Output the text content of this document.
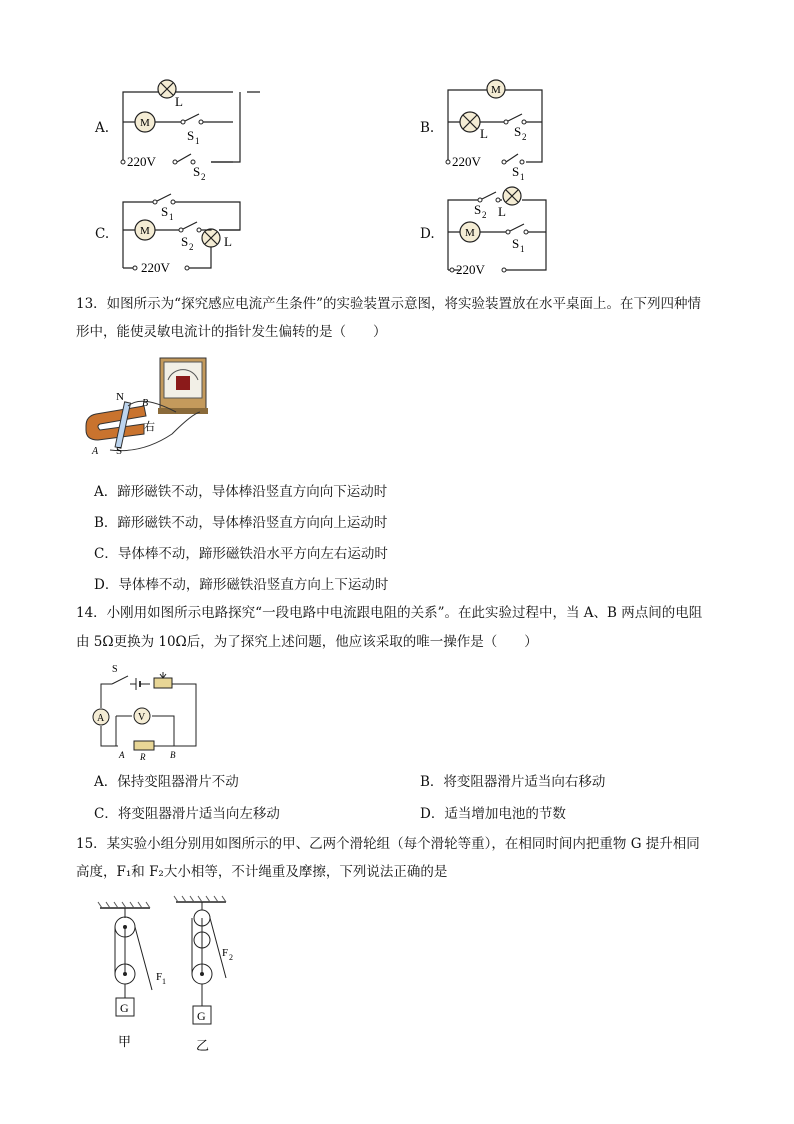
A.	M
L
S 1
220V
S 2
B.
M
L S 2
220V
S 1
C.	M
S 1
S 2 L
220V
D.	M
S 2 L
S 1
220V
13．如图所示为“探究感应电流产生条件”的实验装置示意图，将实验装置放在水平桌面上。在下列四种情
形中，能使灵敏电流计的指针发生偏转的是（　　）
N
B
右
A S
A．蹄形磁铁不动，导体棒沿竖直方向向下运动时
B．蹄形磁铁不动，导体棒沿竖直方向向上运动时
C．导体棒不动，蹄形磁铁沿水平方向左右运动时
D．导体棒不动，蹄形磁铁沿竖直方向上下运动时
14．小刚用如图所示电路探究“一段电路中电流跟电阻的关系”。在此实验过程中，当 A、B 两点间的电阻
由 5Ω更换为 10Ω后，为了探究上述问题，他应该采取的唯一操作是（　　）
A	V
S
A R	B
A．保持变阻器滑片不动	B．将变阻器滑片适当向右移动
C．将变阻器滑片适当向左移动	D．适当增加电池的节数
15．某实验小组分别用如图所示的甲、乙两个滑轮组（每个滑轮等重），在相同时间内把重物 G 提升相同
高度，F₁和 F₂大小相等，不计绳重及摩擦，下列说法正确的是
G
F 1
甲
G
F 2
乙
